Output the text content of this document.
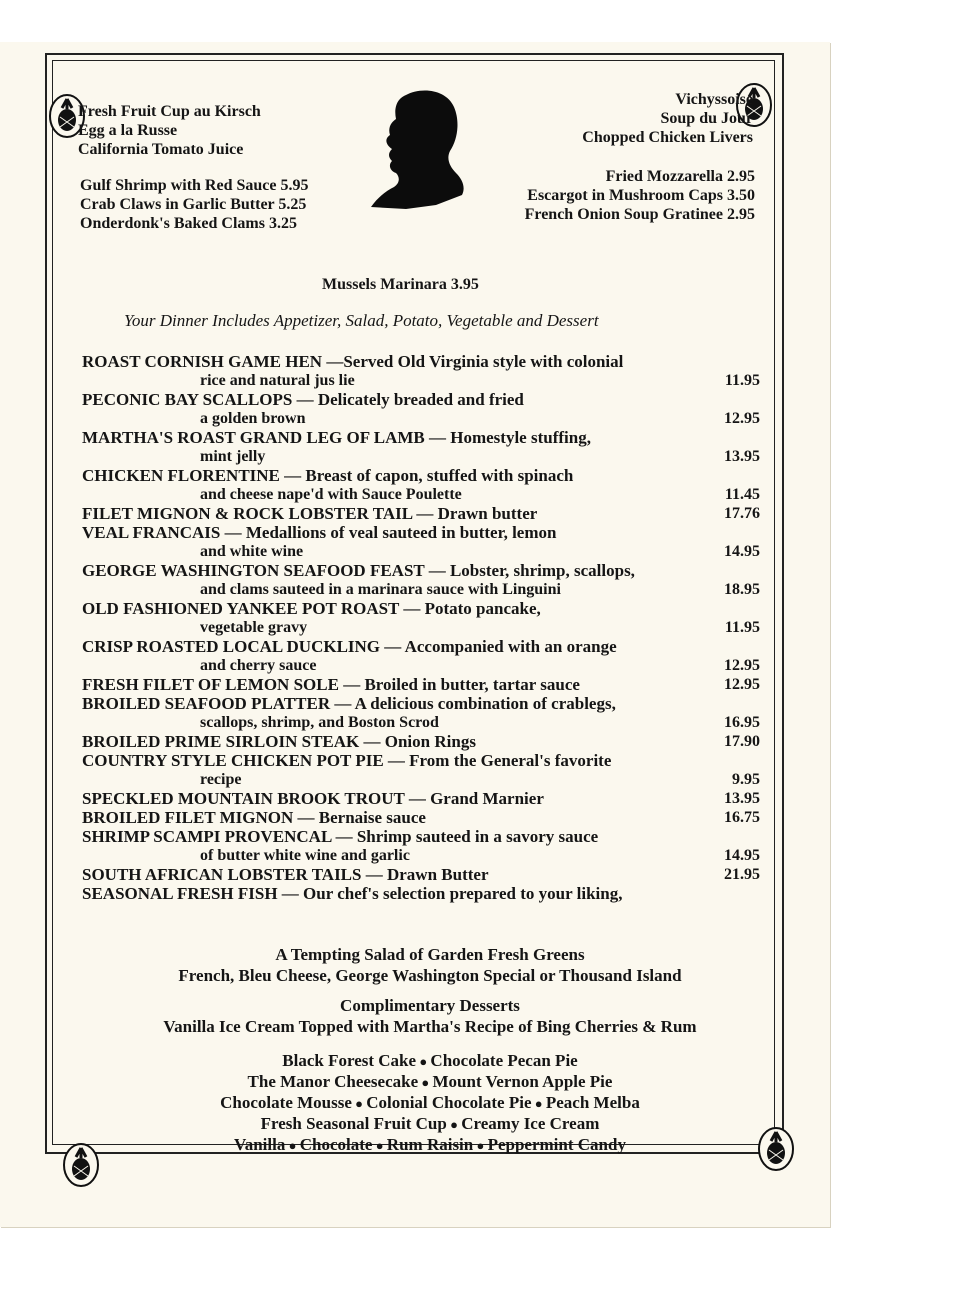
Fresh Fruit Cup au Kirsch
Egg a la Russe
California Tomato Juice
Vichyssoise
Soup du Jour
Chopped Chicken Livers
Gulf Shrimp with Red Sauce 5.95
Crab Claws in Garlic Butter 5.25
Onderdonk's Baked Clams 3.25
Fried Mozzarella 2.95
Escargot in Mushroom Caps 3.50
French Onion Soup Gratinee 2.95
Mussels Marinara 3.95
Your Dinner Includes Appetizer, Salad, Potato, Vegetable and Dessert
ROAST CORNISH GAME HEN —Served Old Virginia style with colonial
rice and natural jus lie	11.95
PECONIC BAY SCALLOPS — Delicately breaded and fried
a golden brown	12.95
MARTHA'S ROAST GRAND LEG OF LAMB — Homestyle stuffing,
mint jelly	13.95
CHICKEN FLORENTINE — Breast of capon, stuffed with spinach
and cheese nape'd with Sauce Poulette	11.45
FILET MIGNON & ROCK LOBSTER TAIL — Drawn butter	17.76
VEAL FRANCAIS — Medallions of veal sauteed in butter, lemon
and white wine	14.95
GEORGE WASHINGTON SEAFOOD FEAST — Lobster, shrimp, scallops,
and clams sauteed in a marinara sauce with Linguini	18.95
OLD FASHIONED YANKEE POT ROAST — Potato pancake,
vegetable gravy	11.95
CRISP ROASTED LOCAL DUCKLING — Accompanied with an orange
and cherry sauce	12.95
FRESH FILET OF LEMON SOLE — Broiled in butter, tartar sauce	12.95
BROILED SEAFOOD PLATTER — A delicious combination of crablegs,
scallops, shrimp, and Boston Scrod	16.95
BROILED PRIME SIRLOIN STEAK — Onion Rings	17.90
COUNTRY STYLE CHICKEN POT PIE — From the General's favorite
recipe	9.95
SPECKLED MOUNTAIN BROOK TROUT — Grand Marnier	13.95
BROILED FILET MIGNON — Bernaise sauce	16.75
SHRIMP SCAMPI PROVENCAL — Shrimp sauteed in a savory sauce
of butter white wine and garlic	14.95
SOUTH AFRICAN LOBSTER TAILS — Drawn Butter	21.95
SEASONAL FRESH FISH — Our chef's selection prepared to your liking,
A Tempting Salad of Garden Fresh Greens
French, Bleu Cheese, George Washington Special or Thousand Island
Complimentary Desserts
Vanilla Ice Cream Topped with Martha's Recipe of Bing Cherries & Rum
Black Forest Cake ● Chocolate Pecan Pie
The Manor Cheesecake ● Mount Vernon Apple Pie
Chocolate Mousse ● Colonial Chocolate Pie ● Peach Melba
Fresh Seasonal Fruit Cup ● Creamy Ice Cream
Vanilla ● Chocolate ● Rum Raisin ● Peppermint Candy
